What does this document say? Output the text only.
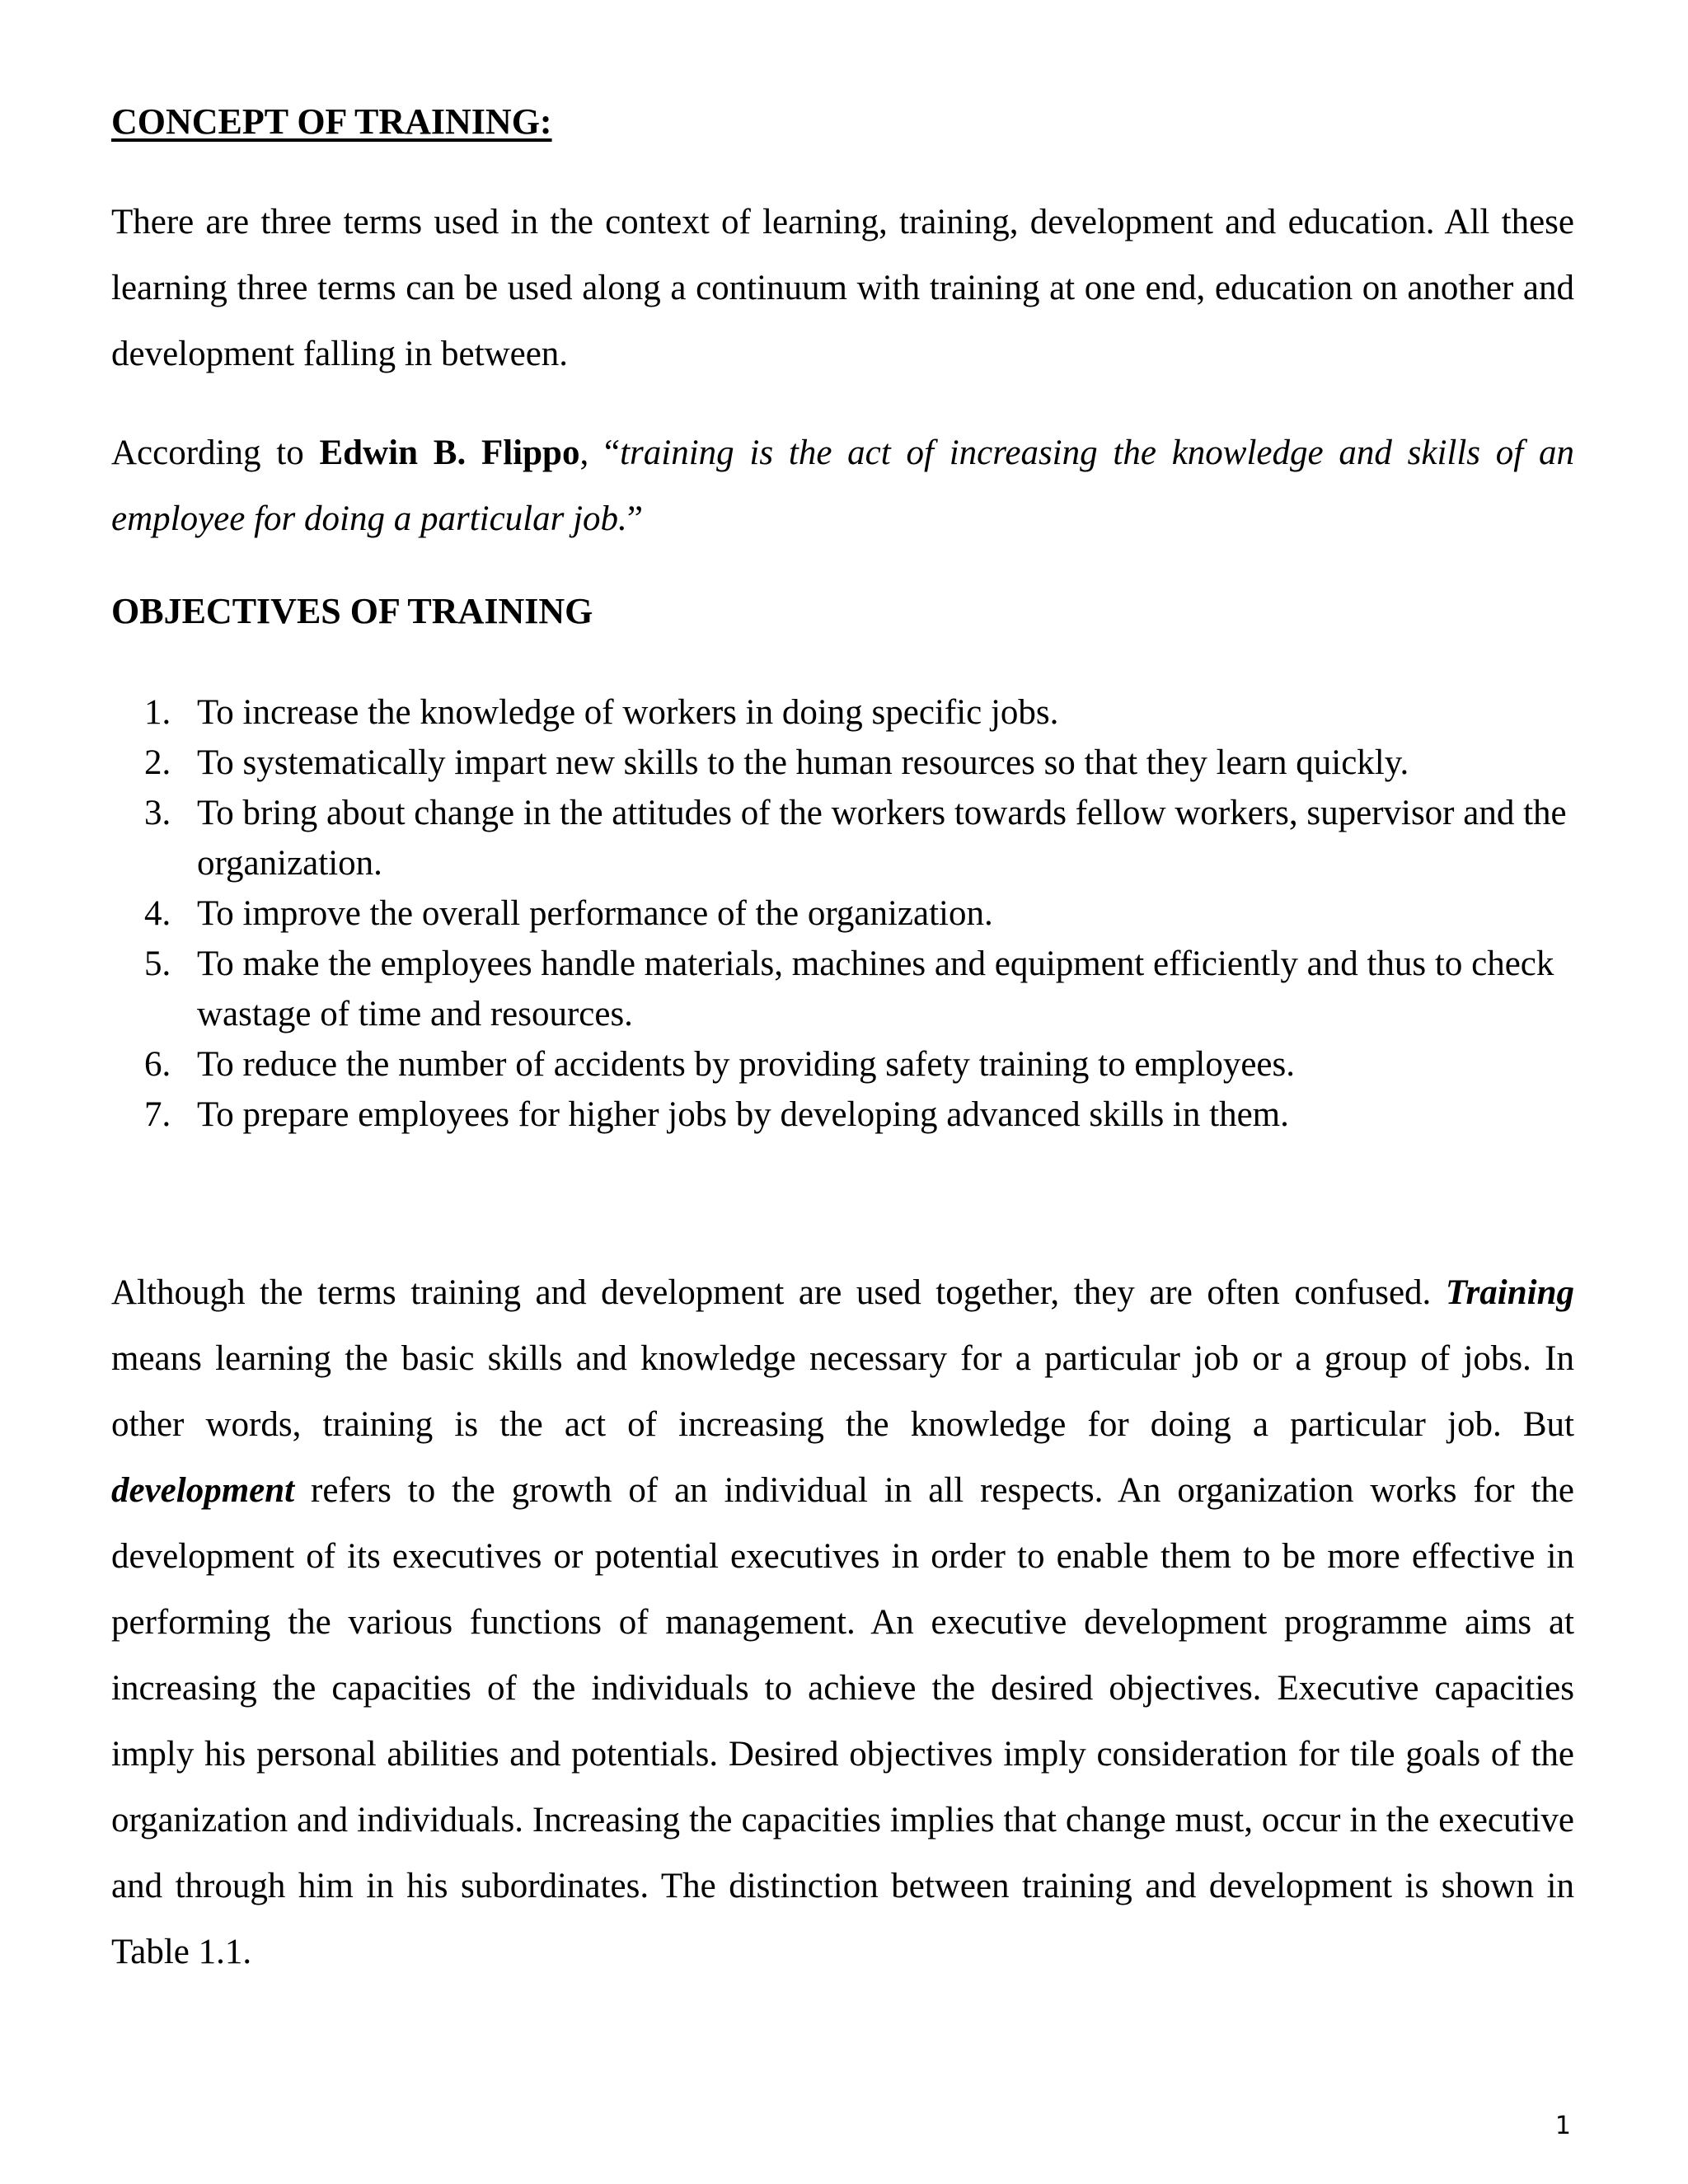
CONCEPT OF TRAINING:

There are three terms used in the context of learning, training, development and education. All these learning three terms can be used along a continuum with training at one end, education on another and development falling in between.

According to Edwin B. Flippo, “training is the act of increasing the knowledge and skills of an employee for doing a particular job.”

OBJECTIVES OF TRAINING
1. To increase the knowledge of workers in doing specific jobs.
2. To systematically impart new skills to the human resources so that they learn quickly.
3. To bring about change in the attitudes of the workers towards fellow workers, supervisor and the organization.
4. To improve the overall performance of the organization.
5. To make the employees handle materials, machines and equipment efficiently and thus to check wastage of time and resources.
6. To reduce the number of accidents by providing safety training to employees.
7. To prepare employees for higher jobs by developing advanced skills in them.

Although the terms training and development are used together, they are often confused. Training means learning the basic skills and knowledge necessary for a particular job or a group of jobs. In other words, training is the act of increasing the knowledge for doing a particular job. But development refers to the growth of an individual in all respects. An organization works for the development of its executives or potential executives in order to enable them to be more effective in performing the various functions of management. An executive development programme aims at increasing the capacities of the individuals to achieve the desired objectives. Executive capacities imply his personal abilities and potentials. Desired objectives imply consideration for tile goals of the organization and individuals. Increasing the capacities implies that change must, occur in the executive and through him in his subordinates. The distinction between training and development is shown in Table 1.1.

1
